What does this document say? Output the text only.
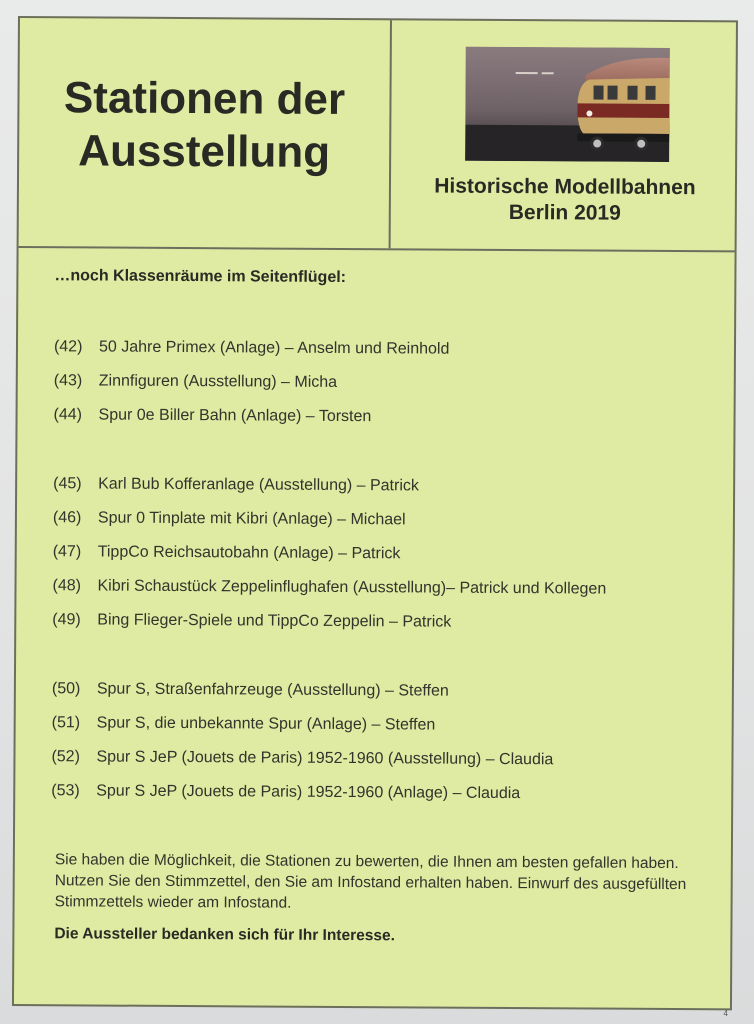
Stationen der
Ausstellung
Historische Modellbahnen
Berlin 2019
…noch Klassenräume im Seitenflügel:
(42) 50 Jahre Primex (Anlage) – Anselm und Reinhold
(43) Zinnfiguren (Ausstellung) – Micha
(44) Spur 0e Biller Bahn (Anlage) – Torsten
(45) Karl Bub Kofferanlage (Ausstellung) – Patrick
(46) Spur 0 Tinplate mit Kibri (Anlage) – Michael
(47) TippCo Reichsautobahn (Anlage) – Patrick
(48) Kibri Schaustück Zeppelinflughafen (Ausstellung)– Patrick und Kollegen
(49) Bing Flieger-Spiele und TippCo Zeppelin – Patrick
(50) Spur S, Straßenfahrzeuge (Ausstellung) – Steffen
(51) Spur S, die unbekannte Spur (Anlage) – Steffen
(52) Spur S JeP (Jouets de Paris) 1952-1960 (Ausstellung) – Claudia
(53) Spur S JeP (Jouets de Paris) 1952-1960 (Anlage) – Claudia

Sie haben die Möglichkeit, die Stationen zu bewerten, die Ihnen am besten gefallen haben. Nutzen Sie den Stimmzettel, den Sie am Infostand erhalten haben. Einwurf des ausgefüllten Stimmzettels wieder am Infostand.

Die Aussteller bedanken sich für Ihr Interesse.

4
